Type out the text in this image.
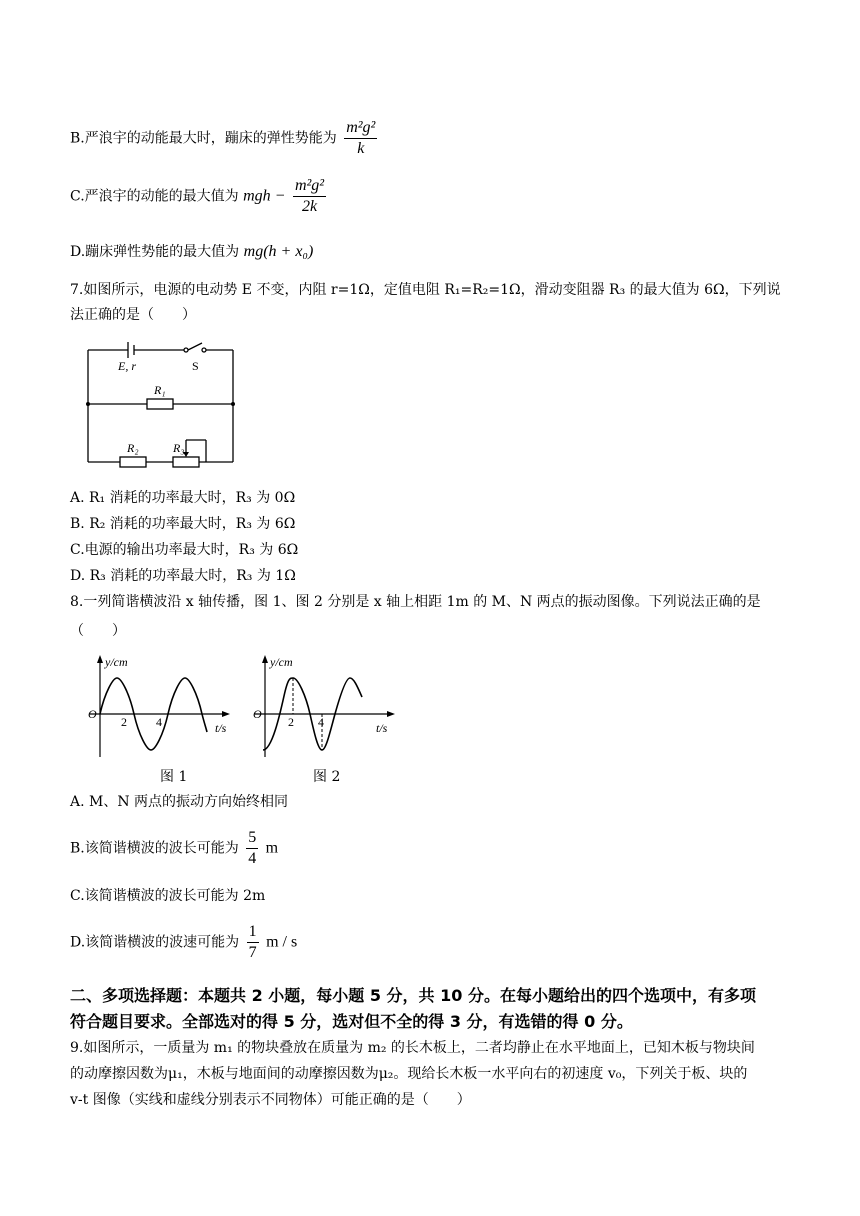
B.严浪宇的动能最大时，蹦床的弹性势能为 $\frac{\text{m²g²}}{k}$
C.严浪宇的动能的最大值为 mgh − $\frac{\text{m²g²}}{2k}$
D.蹦床弹性势能的最大值为 mg(h + x₀)
7.如图所示，电源的电动势 E 不变，内阻 r=1Ω，定值电阻 R₁=R₂=1Ω，滑动变阻器 R₃ 的最大值为 6Ω，下列说
法正确的是（　　）
E, r	S
R₁
R₂	R₃
A. R₁ 消耗的功率最大时，R₃ 为 0Ω
B. R₂ 消耗的功率最大时，R₃ 为 6Ω
C.电源的输出功率最大时，R₃ 为 6Ω
D. R₃ 消耗的功率最大时，R₃ 为 1Ω
8.一列简谐横波沿 x 轴传播，图 1、图 2 分别是 x 轴上相距 1m 的 M、N 两点的振动图像。下列说法正确的是
（　　）
y/cm
O
2 4	t/s
图 1
y/cm
O
2 4	t/s
图 2
A. M、N 两点的振动方向始终相同
B.该简谐横波的波长可能为 $\frac{5}{4}$ m
C.该简谐横波的波长可能为 2m
D.该简谐横波的波速可能为 $\frac{1}{7}$ m / s
二、多项选择题：本题共 2 小题，每小题 5 分，共 10 分。在每小题给出的四个选项中，有多项
符合题目要求。全部选对的得 5 分，选对但不全的得 3 分，有选错的得 0 分。
9.如图所示，一质量为 m₁ 的物块叠放在质量为 m₂ 的长木板上，二者均静止在水平地面上，已知木板与物块间
的动摩擦因数为μ₁，木板与地面间的动摩擦因数为μ₂。现给长木板一水平向右的初速度 v₀，下列关于板、块的
v-t 图像（实线和虚线分别表示不同物体）可能正确的是（　　）
